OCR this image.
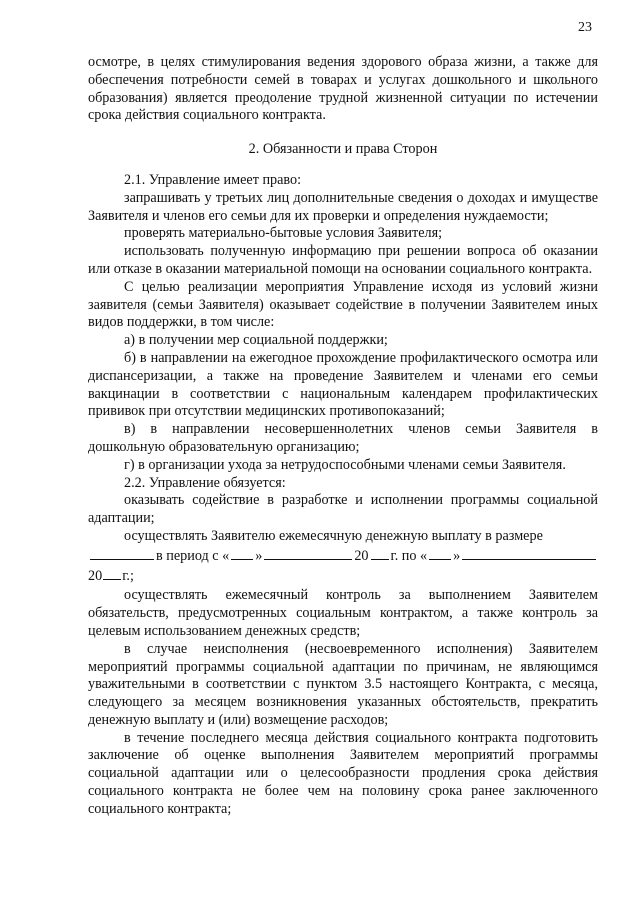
23

осмотре, в целях стимулирования ведения здорового образа жизни, а также для обеспечения потребности семей в товарах и услугах дошкольного и школьного образования) является преодоление трудной жизненной ситуации по истечении срока действия социального контракта.

2. Обязанности и права Сторон

2.1. Управление имеет право:

запрашивать у третьих лиц дополнительные сведения о доходах и имуществе Заявителя и членов его семьи для их проверки и определения нуждаемости;

проверять материально-бытовые условия Заявителя;

использовать полученную информацию при решении вопроса об оказании или отказе в оказании материальной помощи на основании социального контракта.

С целью реализации мероприятия Управление исходя из условий жизни заявителя (семьи Заявителя) оказывает содействие в получении Заявителем иных видов поддержки, в том числе:

а) в получении мер социальной поддержки;

б) в направлении на ежегодное прохождение профилактического осмотра или диспансеризации, а также на проведение Заявителем и членами его семьи вакцинации в соответствии с национальным календарем профилактических прививок при отсутствии медицинских противопоказаний;

в) в направлении несовершеннолетних членов семьи Заявителя в дошкольную образовательную организацию;

г) в организации ухода за нетрудоспособными членами семьи Заявителя.

2.2. Управление обязуется:

оказывать содействие в разработке и исполнении программы социальной адаптации;

осуществлять Заявителю ежемесячную денежную выплату в размере

в период с « »	20 г. по « »
20 г.;

осуществлять ежемесячный контроль за выполнением Заявителем обязательств, предусмотренных социальным контрактом, а также контроль за целевым использованием денежных средств;

в случае неисполнения (несвоевременного исполнения) Заявителем мероприятий программы социальной адаптации по причинам, не являющимся уважительными в соответствии с пунктом 3.5 настоящего Контракта, с месяца, следующего за месяцем возникновения указанных обстоятельств, прекратить денежную выплату и (или) возмещение расходов;

в течение последнего месяца действия социального контракта подготовить заключение об оценке выполнения Заявителем мероприятий программы социальной адаптации или о целесообразности продления срока действия социального контракта не более чем на половину срока ранее заключенного социального контракта;
